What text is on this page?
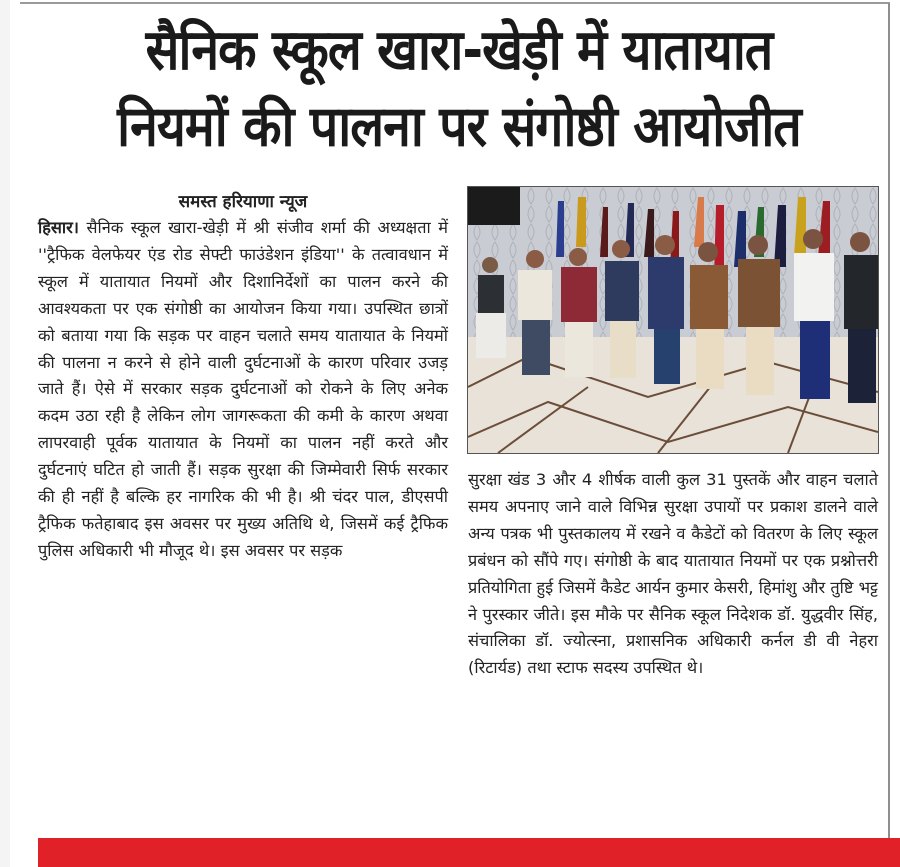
सैनिक स्कूल खारा-खेड़ी में यातायात
नियमों की पालना पर संगोष्ठी आयोजीत
समस्त हरियाणा न्यूज

हिसार। सैनिक स्कूल खारा-खेड़ी में श्री संजीव शर्मा की अध्यक्षता में ''ट्रैफिक वेलफेयर एंड रोड सेफ्टी फाउंडेशन इंडिया'' के तत्वावधान में स्कूल में यातायात नियमों और दिशानिर्देशों का पालन करने की आवश्यकता पर एक संगोष्ठी का आयोजन किया गया। उपस्थित छात्रों को बताया गया कि सड़क पर वाहन चलाते समय यातायात के नियमों की पालना न करने से होने वाली दुर्घटनाओं के कारण परिवार उजड़ जाते हैं। ऐसे में सरकार सड़क दुर्घटनाओं को रोकने के लिए अनेक कदम उठा रही है लेकिन लोग जागरूकता की कमी के कारण अथवा लापरवाही पूर्वक यातायात के नियमों का पालन नहीं करते और दुर्घटनाएं घटित हो जाती हैं। सड़क सुरक्षा की जिम्मेवारी सिर्फ सरकार की ही नहीं है बल्कि हर नागरिक की भी है। श्री चंदर पाल, डीएसपी ट्रैफिक फतेहाबाद इस अवसर पर मुख्य अतिथि थे, जिसमें कई ट्रैफिक पुलिस अधिकारी भी मौजूद थे। इस अवसर पर सड़क

सुरक्षा खंड 3 और 4 शीर्षक वाली कुल 31 पुस्तकें और वाहन चलाते समय अपनाए जाने वाले विभिन्न सुरक्षा उपायों पर प्रकाश डालने वाले अन्य पत्रक भी पुस्तकालय में रखने व कैडेटों को वितरण के लिए स्कूल प्रबंधन को सौंपे गए। संगोष्ठी के बाद यातायात नियमों पर एक प्रश्नोत्तरी प्रतियोगिता हुई जिसमें कैडेट आर्यन कुमार केसरी, हिमांशु और तुष्टि भट्ट ने पुरस्कार जीते। इस मौके पर सैनिक स्कूल निदेशक डॉ. युद्धवीर सिंह, संचालिका डॉ. ज्योत्स्ना, प्रशासनिक अधिकारी कर्नल डी वी नेहरा (रिटार्यड) तथा स्टाफ सदस्य उपस्थित थे।
